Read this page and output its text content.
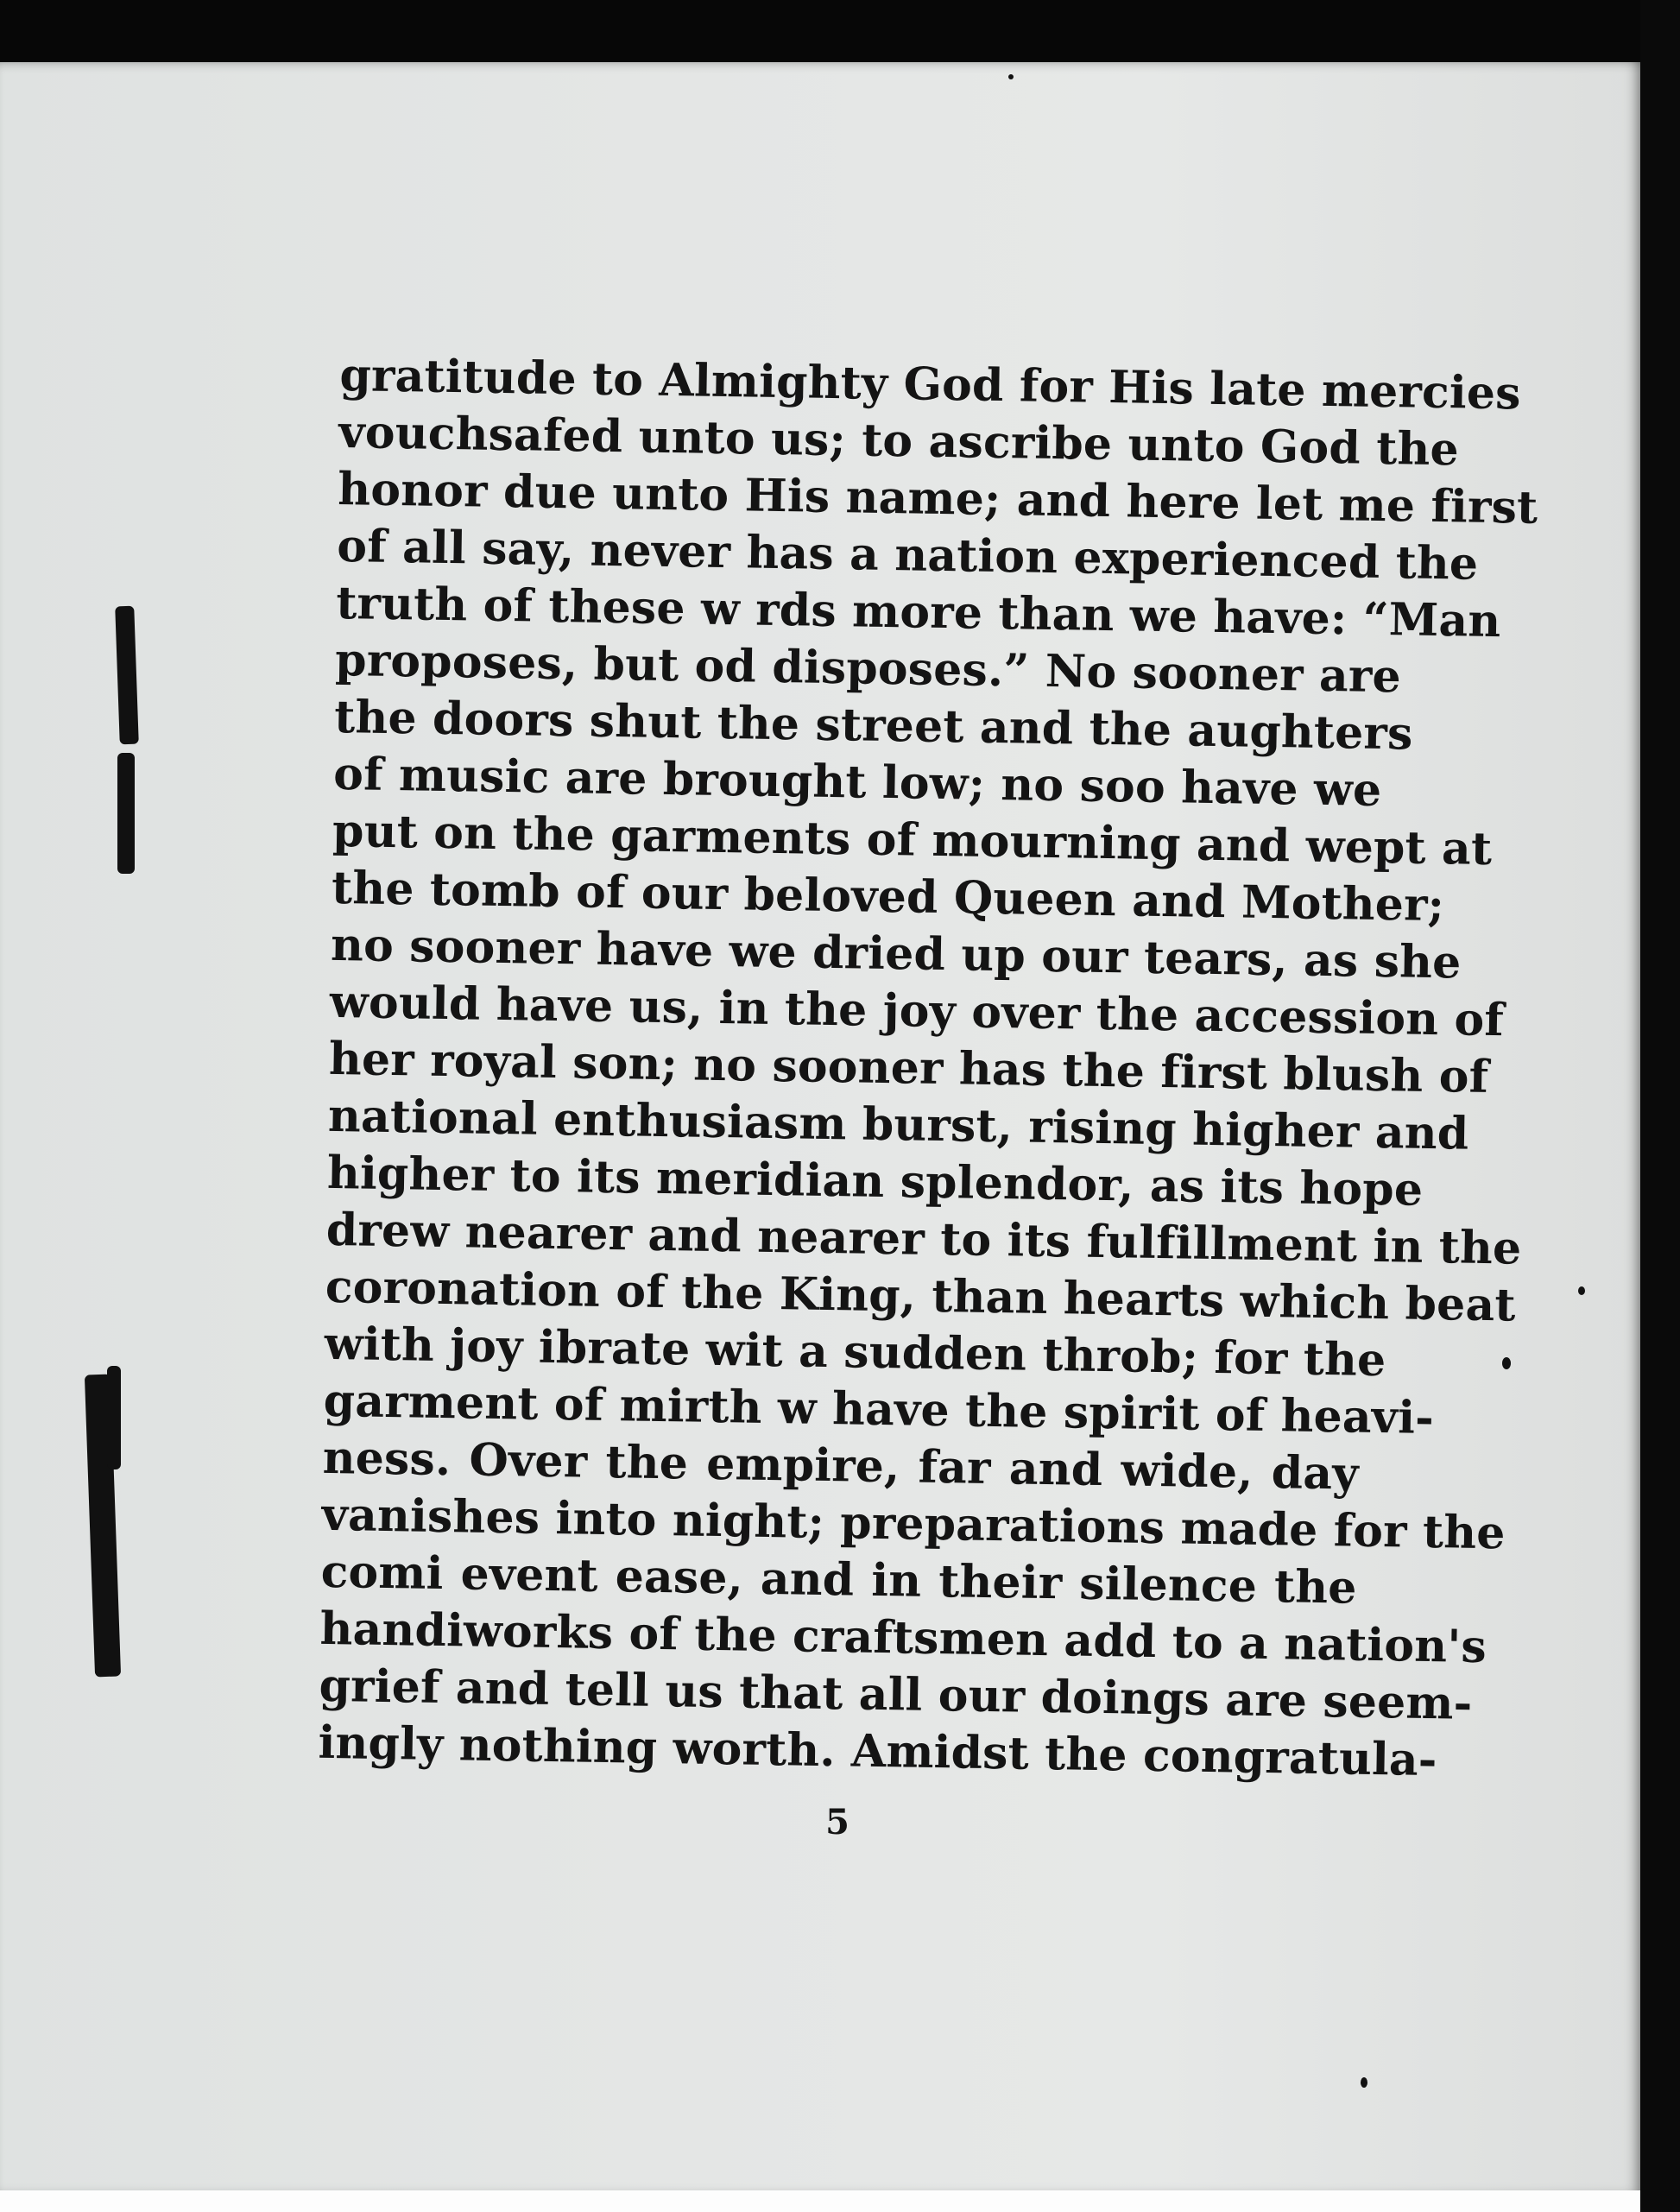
gratitude to Almighty God for His late mercies
vouchsafed unto us; to ascribe unto God the
honor due unto His name; and here let me first
of all say, never has a nation experienced the
truth of these w rds more than we have: “Man
proposes, but od disposes.” No sooner are
the doors shut the street and the aughters
of music are brought low; no soo have we
put on the garments of mourning and wept at
the tomb of our beloved Queen and Mother;
no sooner have we dried up our tears, as she
would have us, in the joy over the accession of
her royal son; no sooner has the first blush of
national enthusiasm burst, rising higher and
higher to its meridian splendor, as its hope
drew nearer and nearer to its fulfillment in the
coronation of the King, than hearts which beat
with joy ibrate wit a sudden throb; for the
garment of mirth w have the spirit of heavi-
ness. Over the empire, far and wide, day
vanishes into night; preparations made for the
comi event ease, and in their silence the
handiworks of the craftsmen add to a nation's
grief and tell us that all our doings are seem-
ingly nothing worth. Amidst the congratula-
5
